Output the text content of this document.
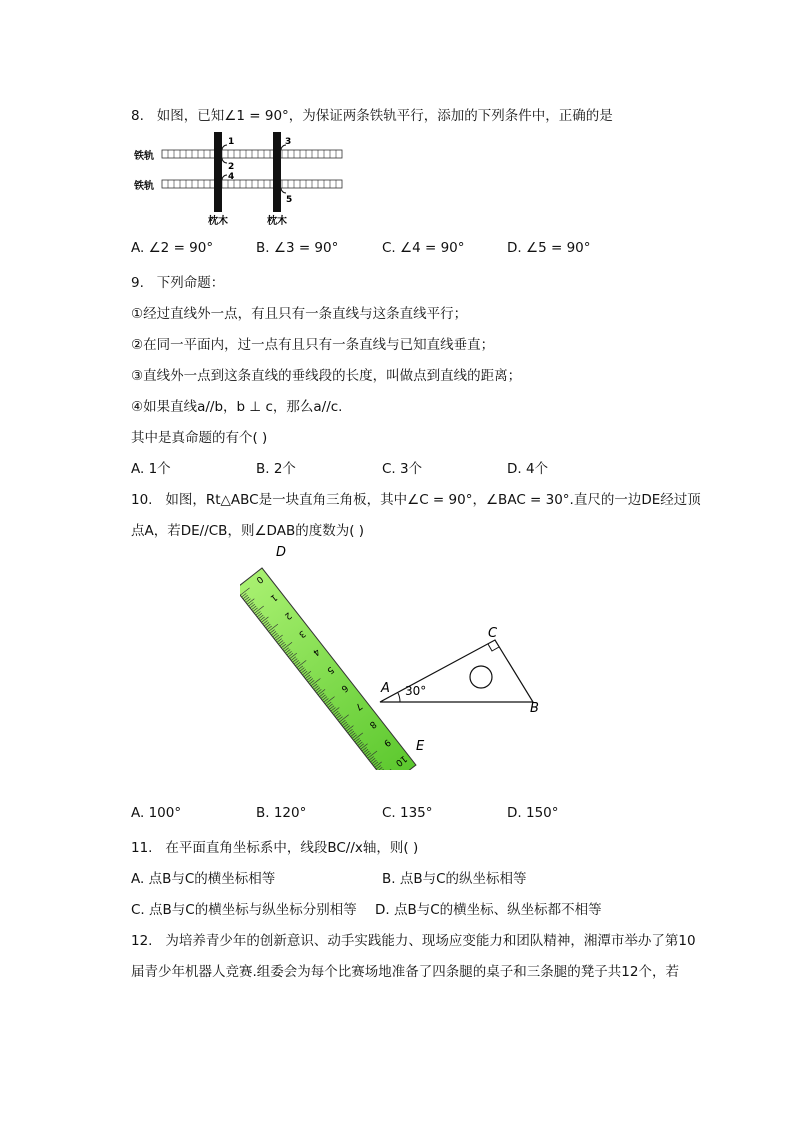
8. 如图，已知∠1 = 90°，为保证两条铁轨平行，添加的下列条件中，正确的是
铁轨
铁轨
枕木	枕木
1
2
4
3
5
A. ∠2 = 90°	B. ∠3 = 90°	C. ∠4 = 90°	D. ∠5 = 90°
9. 下列命题：
①经过直线外一点，有且只有一条直线与这条直线平行；
②在同一平面内，过一点有且只有一条直线与已知直线垂直；
③直线外一点到这条直线的垂线段的长度，叫做点到直线的距离；
④如果直线a//b，b ⊥ c，那么a//c.
其中是真命题的有个( )
A. 1个	B. 2个	C. 3个	D. 4个
10. 如图，Rt△ABC是一块直角三角板，其中∠C = 90°，∠BAC = 30°.直尺的一边DE经过顶
点A，若DE//CB，则∠DAB的度数为( )
0
1
2
3
4
5
6
7
8
9
10
30°
D
E
A
B
C
A. 100°	B. 120°	C. 135°	D. 150°
11. 在平面直角坐标系中，线段BC//x轴，则( )
A. 点B与C的横坐标相等	B. 点B与C的纵坐标相等
C. 点B与C的横坐标与纵坐标分别相等 D. 点B与C的横坐标、纵坐标都不相等
12. 为培养青少年的创新意识、动手实践能力、现场应变能力和团队精神，湘潭市举办了第10
届青少年机器人竞赛.组委会为每个比赛场地准备了四条腿的桌子和三条腿的凳子共12个，若
